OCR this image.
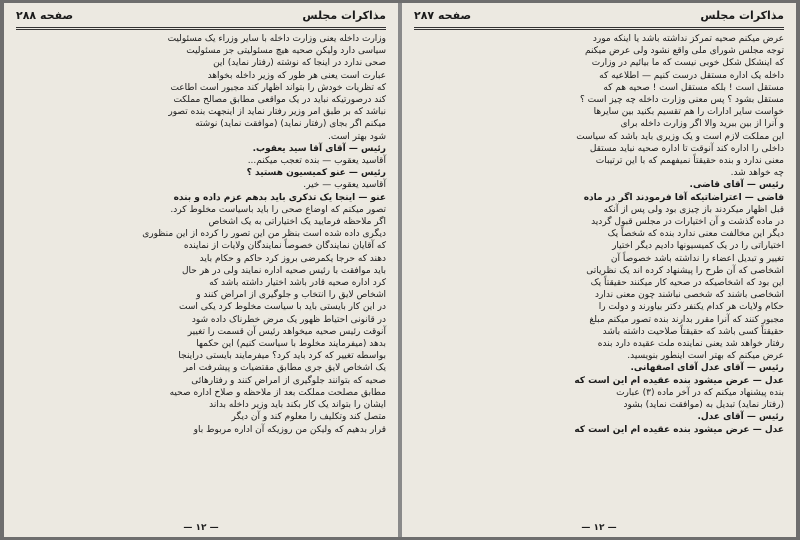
مذاکرات مجلس
صفحه ۲۸۸

وزارت داخله یعنی وزارت داخله با سایر وزراء یک مسئولیت

سیاسی دارد ولیکن صحیه هیچ مسئولیتی جز مسئولیت

صحی ندارد در اینجا که نوشته (رفتار نماید) این

عبارت است یعنی هر طور که وزیر داخله بخواهد

که تظریات خودش را بتواند اظهار کند مجبور است اطاعت

کند درصورتیکه نباید در یک مواقعی مطابق مصالح مملکت

نباشد که بر طبق امر وزیر رفتار نماید از اینجهت بنده تصور

میکنم اگر بجای (رفتار نماید) (موافقت نماید) نوشته

شود بهتر است.

رئیس — آقای آقا سید یعقوب.

آقاسید یعقوب — بنده تعجب میکنم...

رئیس — عنو کمیسیون هستید ؟

آقاسید یعقوب — خیر.

عنو — اینجا یک تذکری باید بدهم عزم داده و بنده

تصور میکنم که اوضاع صحی را باید باسیاست مخلوط کرد.

اگر ملاحظه فرمایید یک اختیاراتی به یک اشخاص

دیگری داده شده است بنظر من این تصور را کرده از این منظوری

که آقایان نمایندگان خصوصاً نمایندگان ولایات از نماینده

دهند که حرجا یکمرضی بروز کرد حاکم و حکام باید

باید موافقت با رئیس صحیه اداره نمایند ولی در هر حال

کرد اداره صحیه قادر باشد اختیار داشته باشد که

اشخاص لایق را انتخاب و جلوگیری از امراض کنند و

در این کار بایستی باید با سیاست مخلوط کرد یکی است

در قانونی احتیاط ظهور یک مرض خطرناک داده شود

آنوقت رئیس صحیه میخواهد رئیس آن قسمت را تغییر

بدهد (میفرمایند مخلوط با سیاست کنیم) این حکمها

بواسطه تغییر که کرد باید کرد؟ میفرمایند بایستی دراینجا

یک اشخاص لایق جری مطابق مقتضیات و پیشرفت امر

صحیه که بتوانند جلوگیری از امراض کنند و رفتارهائی

مطابق مصلحت مملکت بعد از ملاحظه و صلاح اداره صحیه

ایشان را بتواند یک کار بکند باید وزیر داخله بداند

متصل کند وتکلیف را معلوم کند و آن دیگر

قرار بدهیم که ولیکن من روزیکه آن اداره مربوط باو

— ۱۲ —
مذاکرات مجلس
صفحه ۲۸۷

عرض میکنم صحیه تمرکز نداشته باشد یا اینکه مورد

توجه مجلس شورای ملی واقع نشود ولی عرض میکنم

که اینشکل شکل خوبی نیست که ما بیائیم در وزارت

داخله یک اداره مستقل درست کنیم — اطلاعیه که

مستقل است ! بلکه مستقل است ! صحیه هم که

مستقل بشود ؟ پس معنی وزارت داخله چه چیز است ؟

خواست سایر ادارات را هم تقسیم بکنید بین سایرها

و آنرا از بین ببرید والا اگر وزارت داخله برای

این مملکت لازم است و یک وزیری باید باشد که سیاست

داخلی را اداره کند آنوقت تا اداره صحیه نباید مستقل

معنی ندارد و بنده حقیقتاً نمیفهمم که با این ترتیبات

چه خواهد شد.

رئیس — آقای قاضی.

قاضی — اعتراضاتیکه آقا فرمودند اگر در ماده

قبل اظهار میکردند باز چیزی بود ولی پس از آنکه

در ماده گذشت و آن اختیارات در مجلس قبول گردید

دیگر این مخالفت معنی ندارد بنده که شخصاً یک

اختیاراتی را در یک کمیسیونها دادیم دیگر اختیار

تغییر و تبدیل اعضاء را نداشته باشد خصوصاً آن

اشخاصی که آن طرح را پیشنهاد کرده اند یک نظریاتی

این بود که اشخاصیکه در صحیه کار میکنند حقیقتاً یک

اشخاصی باشند که شخصی نباشند چون معنی ندارد

حکام ولایات هر کدام یکنفر دکتر بیاورند و دولت را

مجبور کنند که آنرا مقرر بدارند بنده تصور میکنم مبلغ

حقیقتاً کسی باشد که حقیقتاً صلاحیت داشته باشد

رفتار خواهد شد یعنی نماینده ملت عقیده دارد بنده

عرض میکنم که بهتر است اینطور بنویسید.

رئیس — آقای عدل آقای اصفهانی.

عدل — عرض میشود بنده عقیده ام این است که

بنده پیشنهاد میکنم که در آخر ماده (۳) عبارت

(رفتار نماید) تبدیل به (موافقت نماید) بشود

رئیس — آقای عدل.

عدل — عرض میشود بنده عقیده ام این است که

— ۱۲ —
